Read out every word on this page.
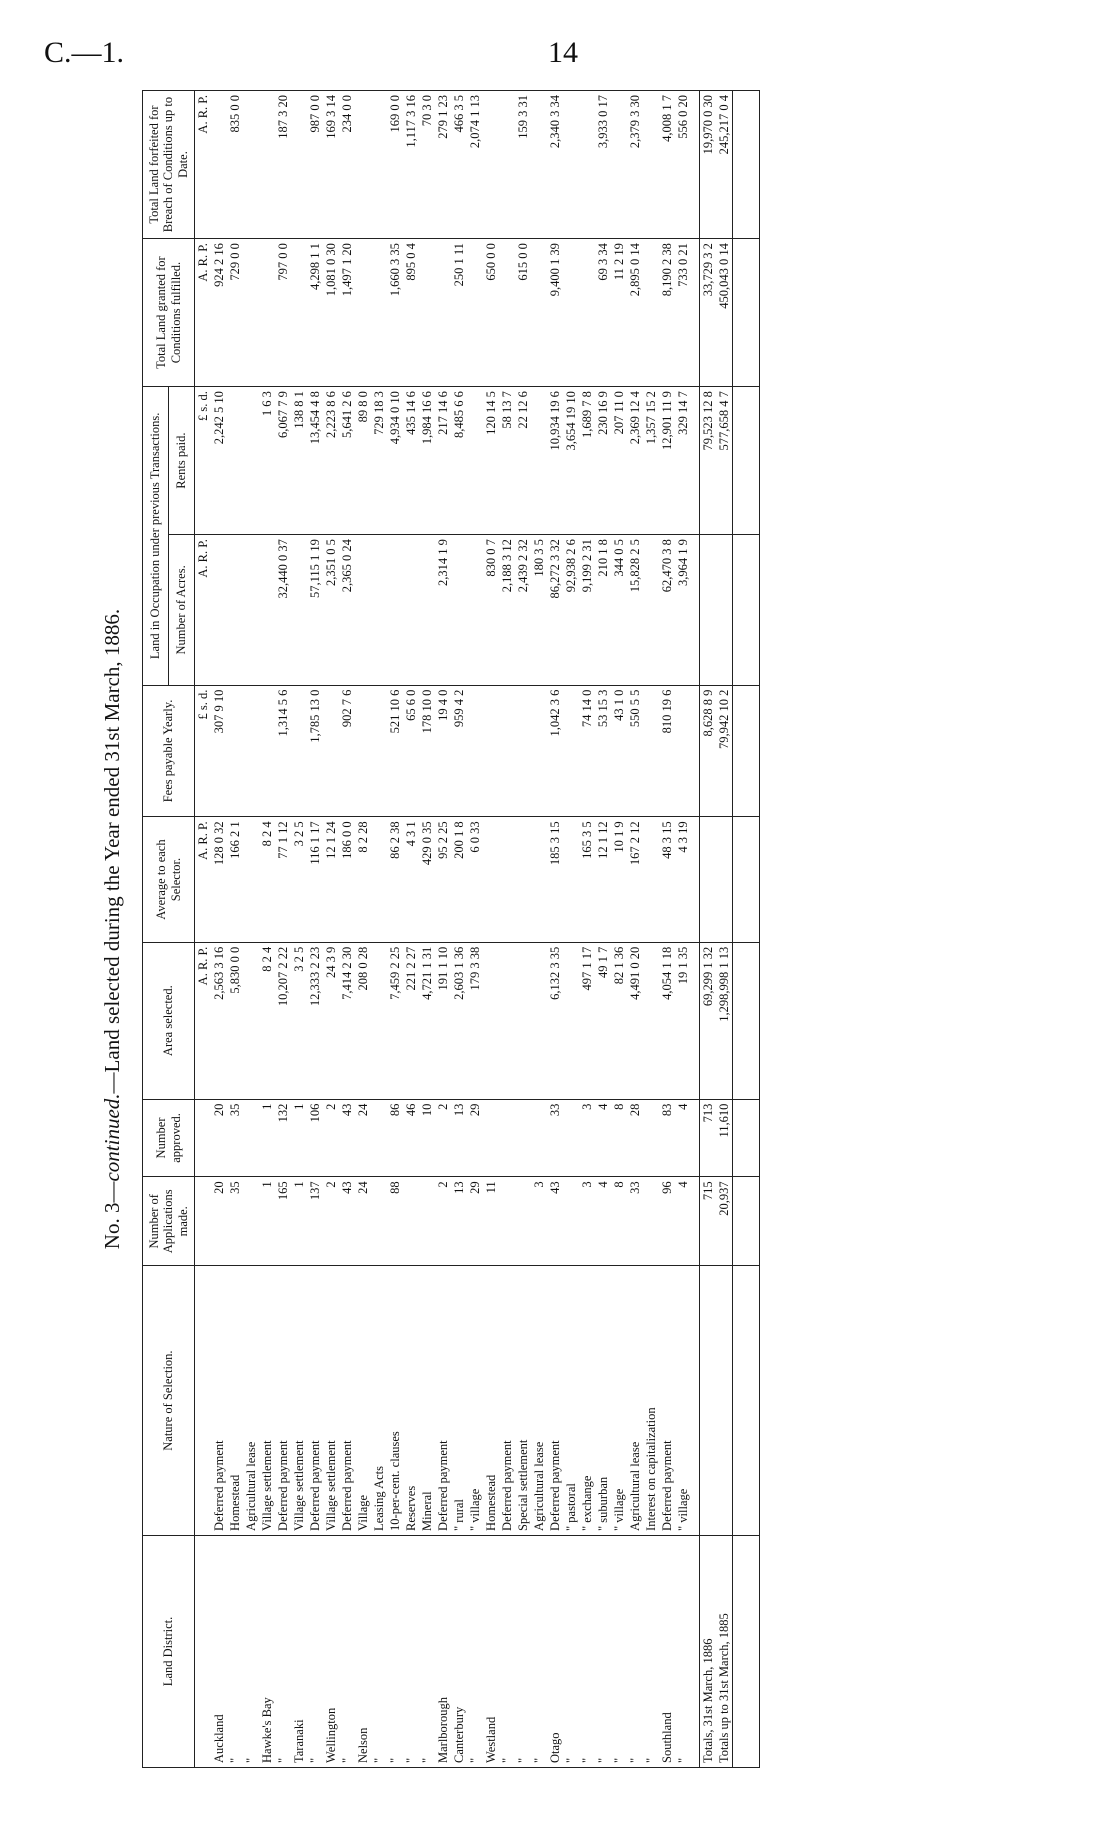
C.—1.	14
No. 3—continued.—Land selected during the Year ended 31st March, 1886.
Land District.	Nature of Selection.	Number of Applications made.	Number approved.	Area selected.	Average to each Selector.	Fees payable Yearly.	Land in Occupation under previous Transactions.		Total Land granted for Conditions fulfilled.	Total Land forfeited for Breach of Conditions up to Date.
							Number of Acres.	Rents paid.		
				A. R. P.	A. R. P.	£ s. d.	A. R. P.	£ s. d.	A. R. P.	A. R. P.
Auckland	Deferred payment	20	20	2,563 3 16	128 0 32	307 9 10		2,242 5 10	924 2 16	
"	Homestead	35	35	5,830 0 0	166 2 1				729 0 0	835 0 0
"	Agricultural lease									
Hawke's Bay	Village settlement	1	1	8 2 4	8 2 4			1 6 3		
"	Deferred payment	165	132	10,207 2 22	77 1 12	1,314 5 6	32,440 0 37	6,067 7 9	797 0 0	187 3 20
Taranaki	Village settlement	1	1	3 2 5	3 2 5			138 8 1		
"	Deferred payment	137	106	12,333 2 23	116 1 17	1,785 13 0	57,115 1 19	13,454 4 8	4,298 1 1	987 0 0
Wellington	Village settlement	2	2	24 3 9	12 1 24		2,351 0 5	2,223 8 6	1,081 0 30	169 3 14
"	Deferred payment	43	43	7,414 2 30	186 0 0	902 7 6	2,365 0 24	5,641 2 6	1,497 1 20	234 0 0
Nelson	Village	24	24	208 0 28	8 2 28			89 8 0		
"	Leasing Acts							729 18 3		
"	10-per-cent. clauses	88	86	7,459 2 25	86 2 38	521 10 6		4,934 0 10	1,660 3 35	169 0 0
"	Reserves		46	221 2 27	4 3 1	65 6 0		435 14 6	895 0 4	1,117 3 16
"	Mineral		10	4,721 1 31	429 0 35	178 10 0		1,984 16 6		70 3 0
Marlborough	Deferred payment	2	2	191 1 10	95 2 25	19 4 0	2,314 1 9	217 14 6		279 1 23
Canterbury	" rural	13	13	2,603 1 36	200 1 8	959 4 2		8,485 6 6	250 1 11	466 3 5
"	" village	29	29	179 3 38	6 0 33					2,074 1 13
Westland	Homestead	11					830 0 7	120 14 5	650 0 0	
"	Deferred payment						2,188 3 12	58 13 7		
"	Special settlement						2,439 2 32	22 12 6	615 0 0	159 3 31
"	Agricultural lease	3					180 3 5			
Otago	Deferred payment	43	33	6,132 3 35	185 3 15	1,042 3 6	86,272 3 32	10,934 19 6	9,400 1 39	2,340 3 34
"	" pastoral						92,938 2 6	3,654 19 10		
"	" exchange	3	3	497 1 17	165 3 5	74 14 0	9,199 2 31	1,689 7 8		
"	" suburban	4	4	49 1 7	12 1 12	53 15 3	210 1 8	230 16 9	69 3 34	3,933 0 17
"	" village	8	8	82 1 36	10 1 9	43 1 0	344 0 5	207 11 0	11 2 19	
"	Agricultural lease	33	28	4,491 0 20	167 2 12	550 5 5	15,828 2 5	2,369 12 4	2,895 0 14	2,379 3 30
"	Interest on capitalization							1,357 15 2		
Southland	Deferred payment	96	83	4,054 1 18	48 3 15	810 19 6	62,470 3 8	12,901 11 9	8,190 2 38	4,008 1 7
"	" village	4	4	19 1 35	4 3 19		3,964 1 9	329 14 7	733 0 21	556 0 20

Totals, 31st March, 1886		715	713	69,299 1 32		8,628 8 9		79,523 12 8	33,729 3 2	19,970 0 30
Totals up to 31st March, 1885		20,937	11,610	1,298,998 1 13		79,942 10 2		577,658 4 7	450,043 0 14	245,217 0 4
